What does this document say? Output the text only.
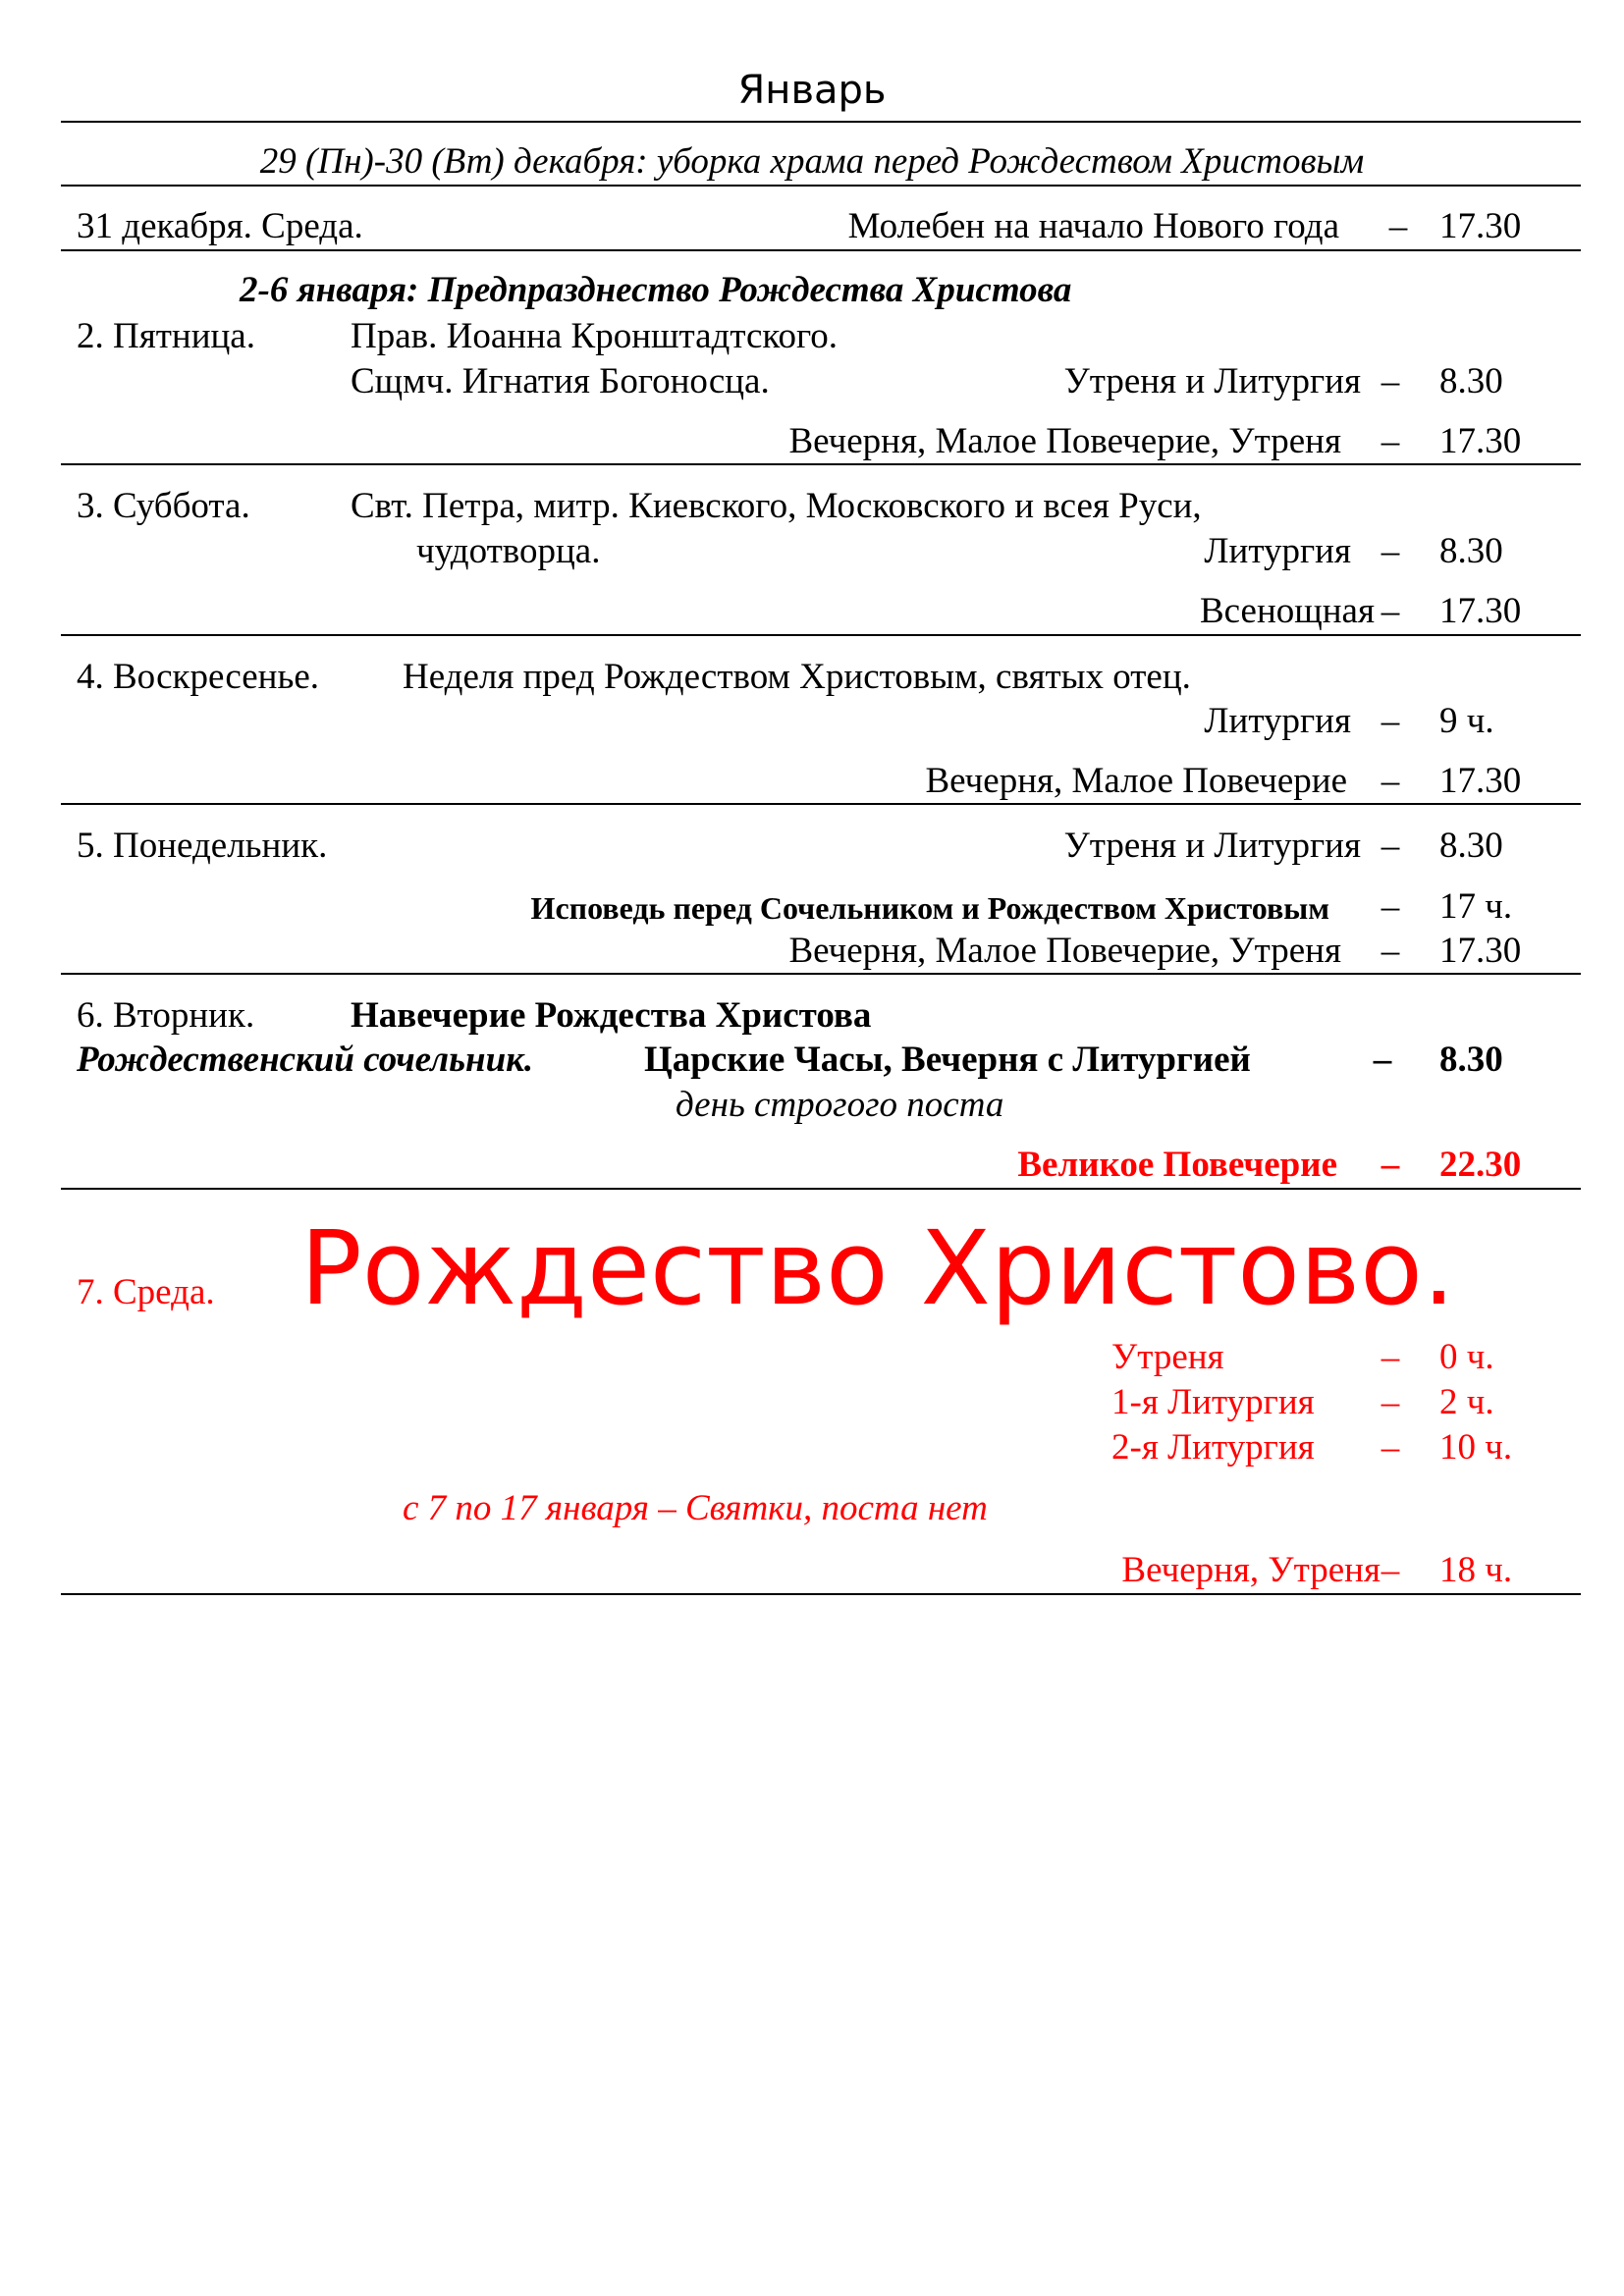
Январь
29 (Пн)-30 (Вт) декабря: уборка храма перед Рождеством Христовым
31 декабря. Среда.	Молебен на начало Нового года	– 17.30
2-6 января: Предпразднество Рождества Христова
2. Пятница.	Прав. Иоанна Кронштадтского.
Сщмч. Игнатия Богоносца.	Утреня и Литургия –	8.30
Вечерня, Малое Повечерие, Утреня	–	17.30
3. Суббота.	Свт. Петра, митр. Киевского, Московского и всея Руси,
чудотворца.	Литургия –	8.30
Всенощная –	17.30
4. Воскресенье. Неделя пред Рождеством Христовым, святых отец.
Литургия –	9 ч.
Вечерня, Малое Повечерие –	17.30
5. Понедельник.	Утреня и Литургия –	8.30
Исповедь перед Сочельником и Рождеством Христовым	–	17 ч.
Вечерня, Малое Повечерие, Утреня	–	17.30
6. Вторник.	Навечерие Рождества Христова
Рождественский сочельник.	Царские Часы, Вечерня с Литургией	–	8.30
день строгого поста
Великое Повечерие	–	22.30
7. Среда. Рождество Христово.
Утреня	–	0 ч.
1-я Литургия	–	2 ч.
2-я Литургия	–	10 ч.
с 7 по 17 января – Святки, поста нет
Вечерня, Утреня –	18 ч.
